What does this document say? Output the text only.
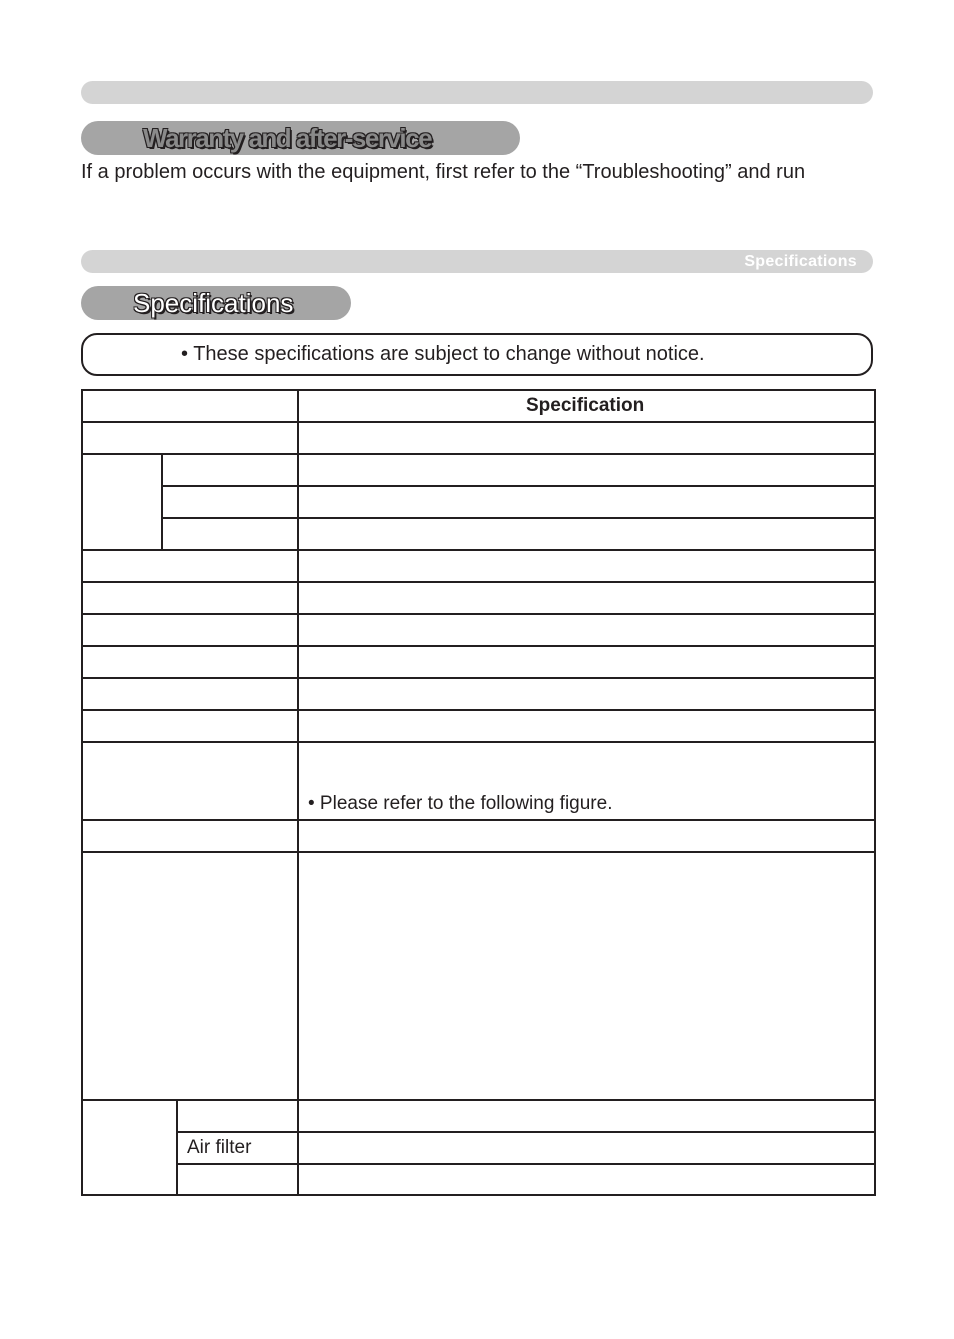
Warranty and after-service
If a problem occurs with the equipment, first refer to the “Troubleshooting” and run
Specifications
Specifications
• These specifications are subject to change without notice.
Specification
• Please refer to the following figure.
Air filter
